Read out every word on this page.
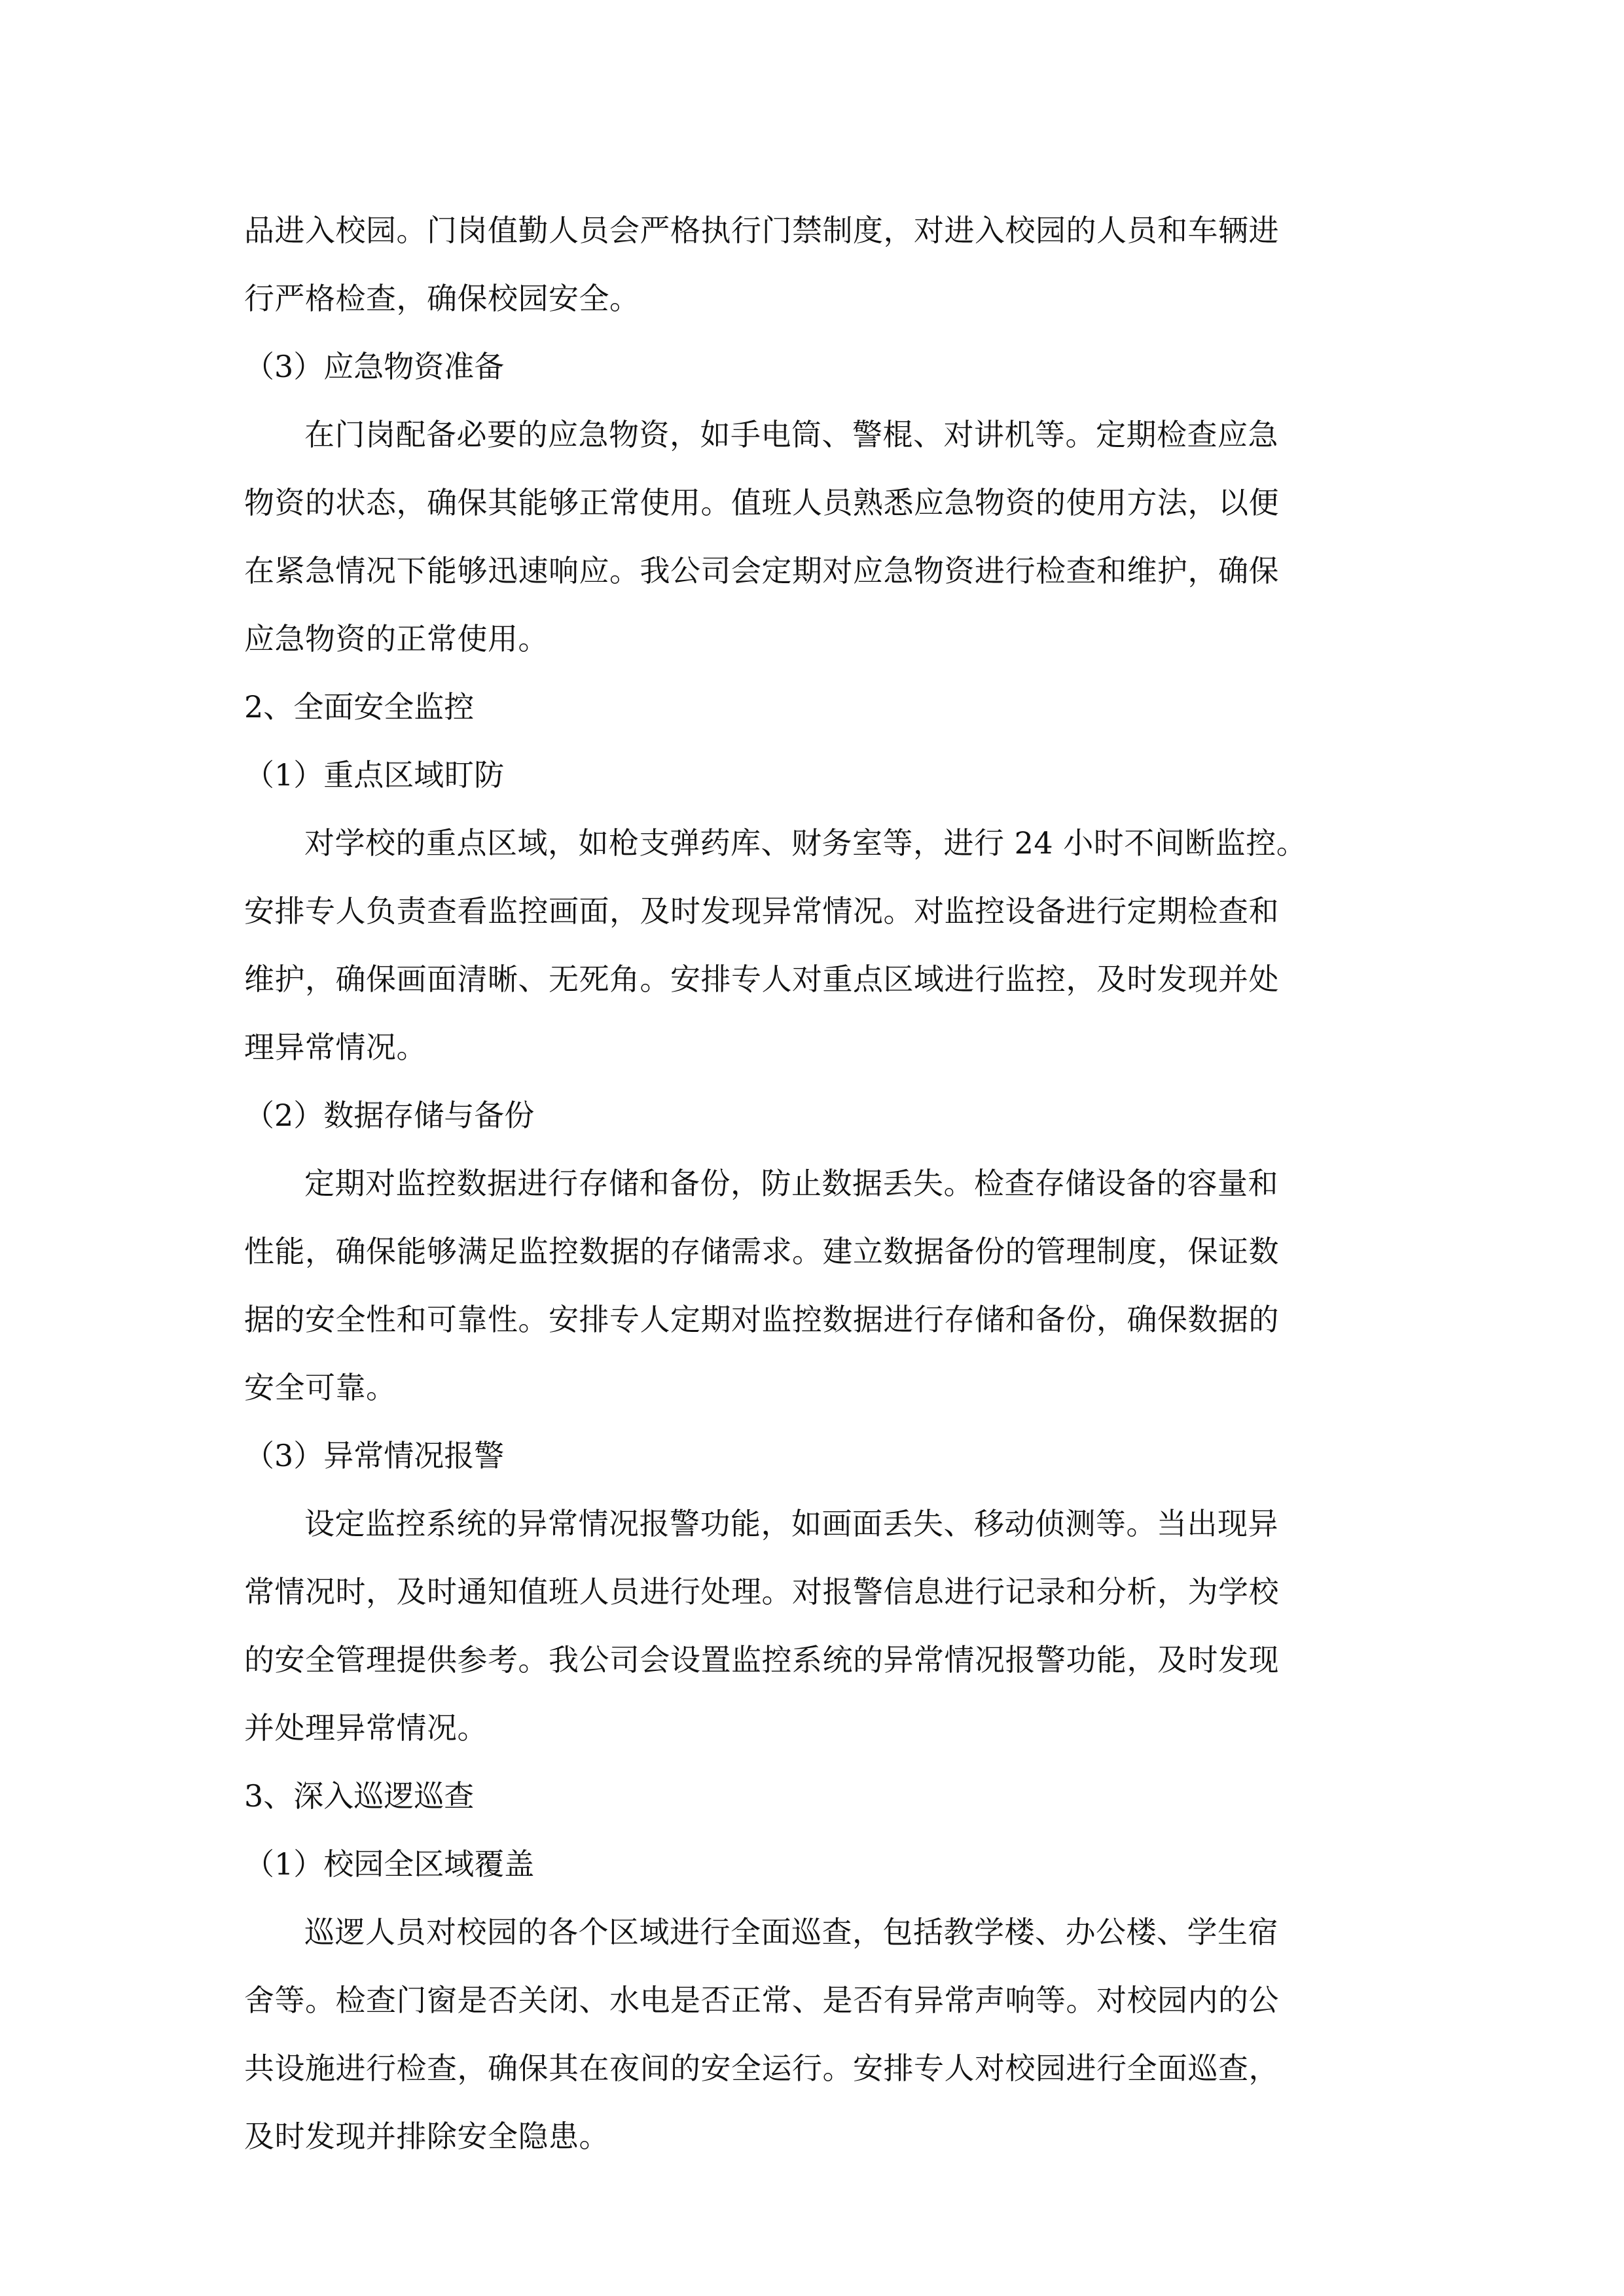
品进入校园。门岗值勤人员会严格执行门禁制度，对进入校园的人员和车辆进
行严格检查，确保校园安全。
（3）应急物资准备
在门岗配备必要的应急物资，如手电筒、警棍、对讲机等。定期检查应急
物资的状态，确保其能够正常使用。值班人员熟悉应急物资的使用方法，以便
在紧急情况下能够迅速响应。我公司会定期对应急物资进行检查和维护，确保
应急物资的正常使用。
2、全面安全监控
（1）重点区域盯防
对学校的重点区域，如枪支弹药库、财务室等，进行 24 小时不间断监控。
安排专人负责查看监控画面，及时发现异常情况。对监控设备进行定期检查和
维护，确保画面清晰、无死角。安排专人对重点区域进行监控，及时发现并处
理异常情况。
（2）数据存储与备份
定期对监控数据进行存储和备份，防止数据丢失。检查存储设备的容量和
性能，确保能够满足监控数据的存储需求。建立数据备份的管理制度，保证数
据的安全性和可靠性。安排专人定期对监控数据进行存储和备份，确保数据的
安全可靠。
（3）异常情况报警
设定监控系统的异常情况报警功能，如画面丢失、移动侦测等。当出现异
常情况时，及时通知值班人员进行处理。对报警信息进行记录和分析，为学校
的安全管理提供参考。我公司会设置监控系统的异常情况报警功能，及时发现
并处理异常情况。
3、深入巡逻巡查
（1）校园全区域覆盖
巡逻人员对校园的各个区域进行全面巡查，包括教学楼、办公楼、学生宿
舍等。检查门窗是否关闭、水电是否正常、是否有异常声响等。对校园内的公
共设施进行检查，确保其在夜间的安全运行。安排专人对校园进行全面巡查，
及时发现并排除安全隐患。
